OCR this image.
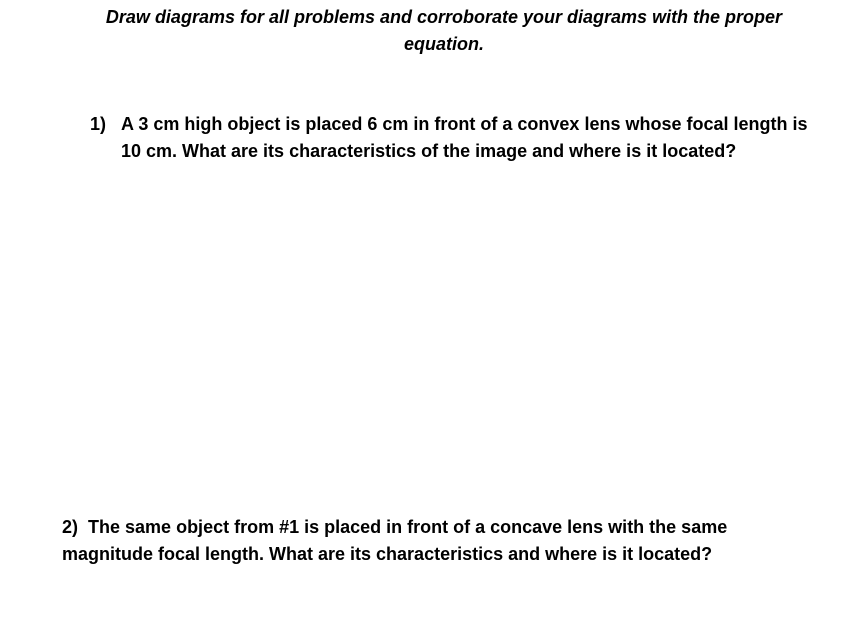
Draw diagrams for all problems and corroborate your diagrams with the proper equation.

1) A 3 cm high object is placed 6 cm in front of a convex lens whose focal length is 10 cm. What are its characteristics of the image and where is it located?
2) The same object from #1 is placed in front of a concave lens with the same magnitude focal length. What are its characteristics and where is it located?
